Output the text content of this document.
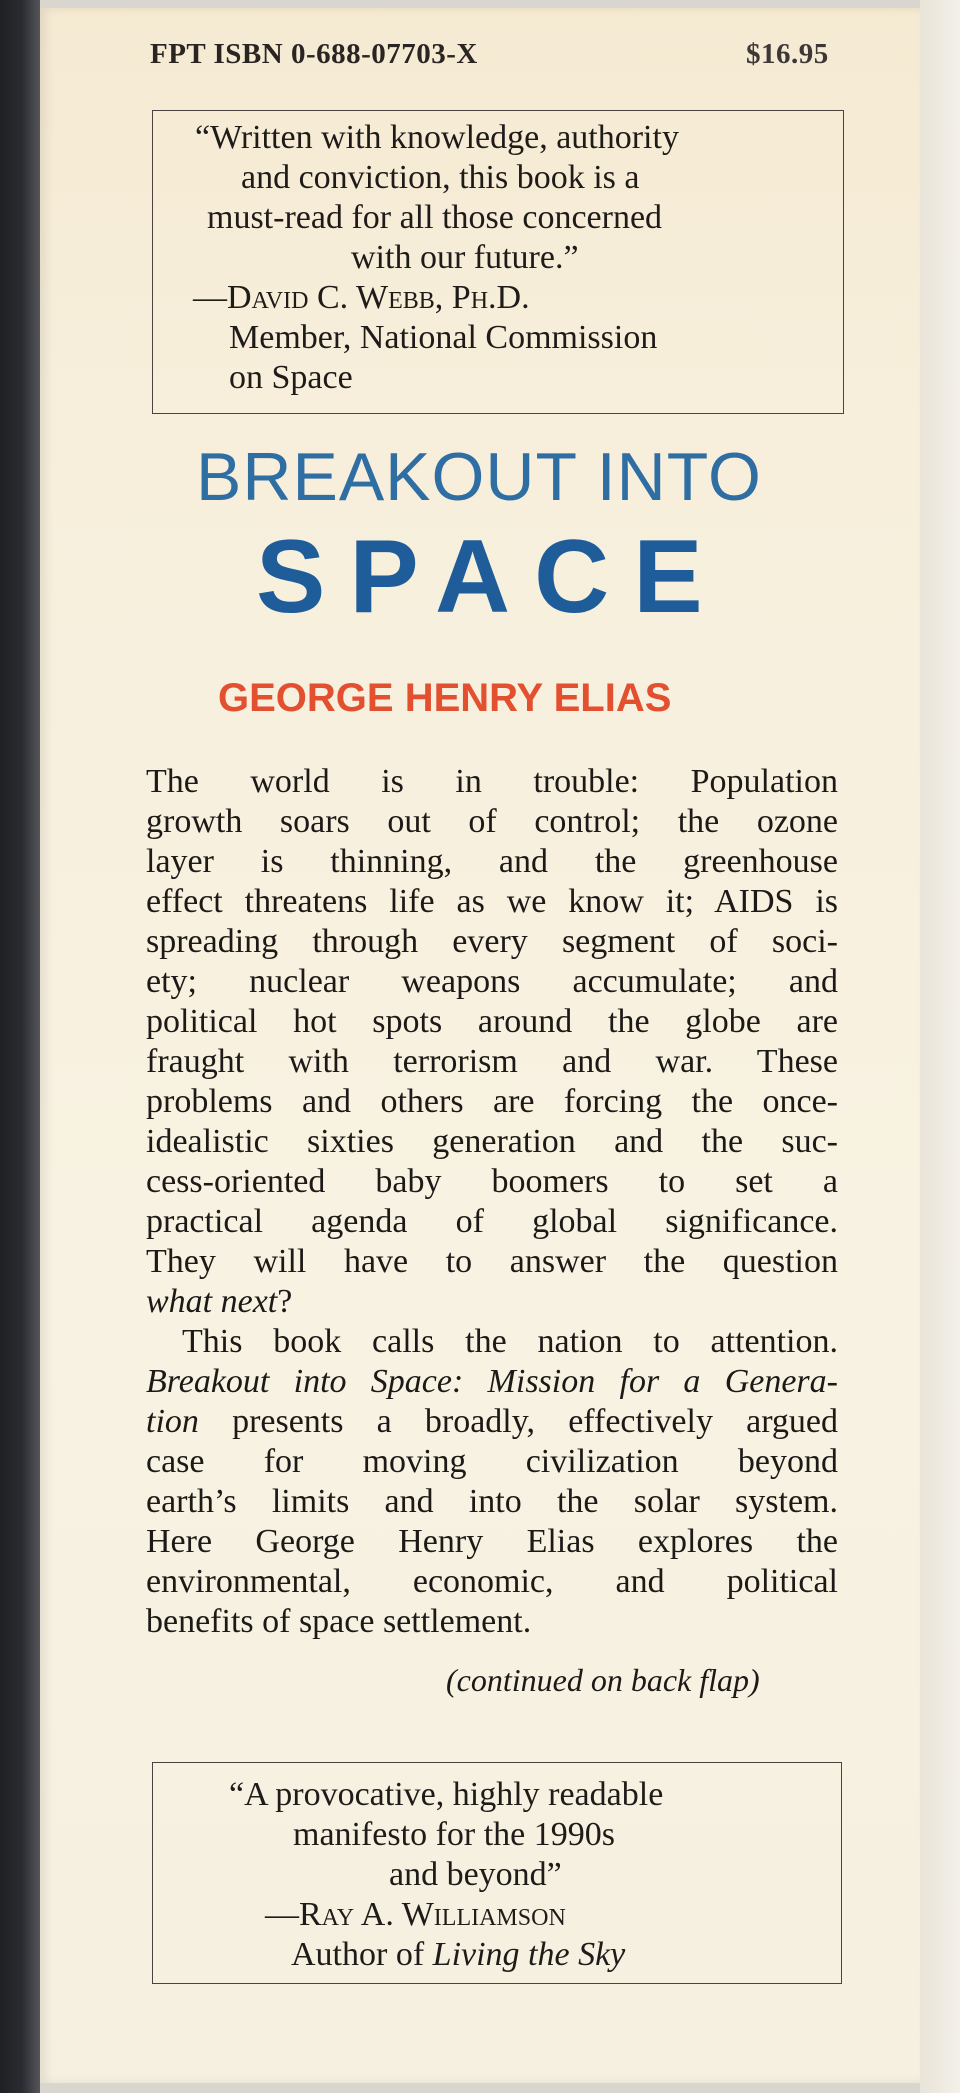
FPT ISBN 0-688-07703-X	$16.95
“Written with knowledge, authority
and conviction, this book is a
must-read for all those concerned
with our future.”
—David C. Webb, Ph.D.
Member, National Commission
on Space
BREAKOUT INTO
SPACE
GEORGE HENRY ELIAS
The world is in trouble: Population
growth soars out of control; the ozone
layer is thinning, and the greenhouse
effect threatens life as we know it; AIDS is
spreading through every segment of soci-
ety; nuclear weapons accumulate; and
political hot spots around the globe are
fraught with terrorism and war. These
problems and others are forcing the once-
idealistic sixties generation and the suc-
cess-oriented baby boomers to set a
practical agenda of global significance.
They will have to answer the question
what next?
This book calls the nation to attention.
Breakout into Space: Mission for a Genera-
tion presents a broadly, effectively argued
case for moving civilization beyond
earth’s limits and into the solar system.
Here George Henry Elias explores the
environmental, economic, and political
benefits of space settlement.
(continued on back flap)
“A provocative, highly readable
manifesto for the 1990s
and beyond”
—Ray A. Williamson
Author of Living the Sky
